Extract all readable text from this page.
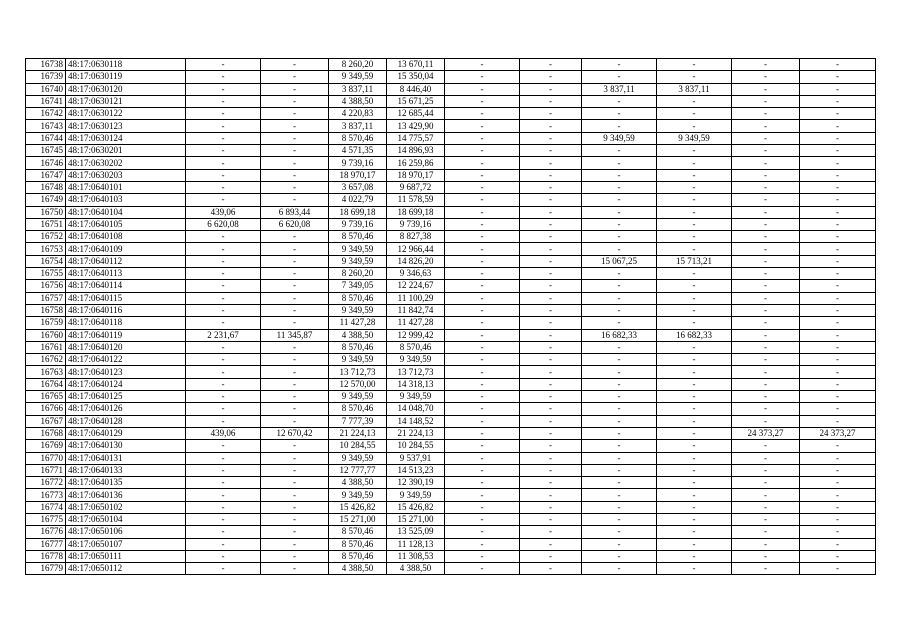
16738	48:17:0630118	-	-	8 260,20	13 670,11	-	-	-	-	-	-
16739	48:17:0630119	-	-	9 349,59	15 350,04	-	-	-	-	-	-
16740	48:17:0630120	-	-	3 837,11	8 446,40	-	-	3 837,11	3 837,11	-	-
16741	48:17:0630121	-	-	4 388,50	15 671,25	-	-	-	-	-	-
16742	48:17:0630122	-	-	4 220,83	12 685,44	-	-	-	-	-	-
16743	48:17:0630123	-	-	3 837,11	13 429,90	-	-	-	-	-	-
16744	48:17:0630124	-	-	8 570,46	14 775,57	-	-	9 349,59	9 349,59	-	-
16745	48:17:0630201	-	-	4 571,35	14 896,93	-	-	-	-	-	-
16746	48:17:0630202	-	-	9 739,16	16 259,86	-	-	-	-	-	-
16747	48:17:0630203	-	-	18 970,17	18 970,17	-	-	-	-	-	-
16748	48:17:0640101	-	-	3 657,08	9 687,72	-	-	-	-	-	-
16749	48:17:0640103	-	-	4 022,79	11 578,59	-	-	-	-	-	-
16750	48:17:0640104	439,06	6 893,44	18 699,18	18 699,18	-	-	-	-	-	-
16751	48:17:0640105	6 620,08	6 620,08	9 739,16	9 739,16	-	-	-	-	-	-
16752	48:17:0640108	-	-	8 570,46	8 827,38	-	-	-	-	-	-
16753	48:17:0640109	-	-	9 349,59	12 966,44	-	-	-	-	-	-
16754	48:17:0640112	-	-	9 349,59	14 826,20	-	-	15 067,25	15 713,21	-	-
16755	48:17:0640113	-	-	8 260,20	9 346,63	-	-	-	-	-	-
16756	48:17:0640114	-	-	7 349,05	12 224,67	-	-	-	-	-	-
16757	48:17:0640115	-	-	8 570,46	11 100,29	-	-	-	-	-	-
16758	48:17:0640116	-	-	9 349,59	11 842,74	-	-	-	-	-	-
16759	48:17:0640118	-	-	11 427,28	11 427,28	-	-	-	-	-	-
16760	48:17:0640119	2 231,67	11 345,87	4 388,50	12 999,42	-	-	16 682,33	16 682,33	-	-
16761	48:17:0640120	-	-	8 570,46	8 570,46	-	-	-	-	-	-
16762	48:17:0640122	-	-	9 349,59	9 349,59	-	-	-	-	-	-
16763	48:17:0640123	-	-	13 712,73	13 712,73	-	-	-	-	-	-
16764	48:17:0640124	-	-	12 570,00	14 318,13	-	-	-	-	-	-
16765	48:17:0640125	-	-	9 349,59	9 349,59	-	-	-	-	-	-
16766	48:17:0640126	-	-	8 570,46	14 048,70	-	-	-	-	-	-
16767	48:17:0640128	-	-	7 777,39	14 148,52	-	-	-	-	-	-
16768	48:17:0640129	439,06	12 670,42	21 224,13	21 224,13	-	-	-	-	24 373,27	24 373,27
16769	48:17:0640130	-	-	10 284,55	10 284,55	-	-	-	-	-	-
16770	48:17:0640131	-	-	9 349,59	9 537,91	-	-	-	-	-	-
16771	48:17:0640133	-	-	12 777,77	14 513,23	-	-	-	-	-	-
16772	48:17:0640135	-	-	4 388,50	12 390,19	-	-	-	-	-	-
16773	48:17:0640136	-	-	9 349,59	9 349,59	-	-	-	-	-	-
16774	48:17:0650102	-	-	15 426,82	15 426,82	-	-	-	-	-	-
16775	48:17:0650104	-	-	15 271,00	15 271,00	-	-	-	-	-	-
16776	48:17:0650106	-	-	8 570,46	13 525,09	-	-	-	-	-	-
16777	48:17:0650107	-	-	8 570,46	11 128,13	-	-	-	-	-	-
16778	48:17:0650111	-	-	8 570,46	11 308,53	-	-	-	-	-	-
16779	48:17:0650112	-	-	4 388,50	4 388,50	-	-	-	-	-	-
